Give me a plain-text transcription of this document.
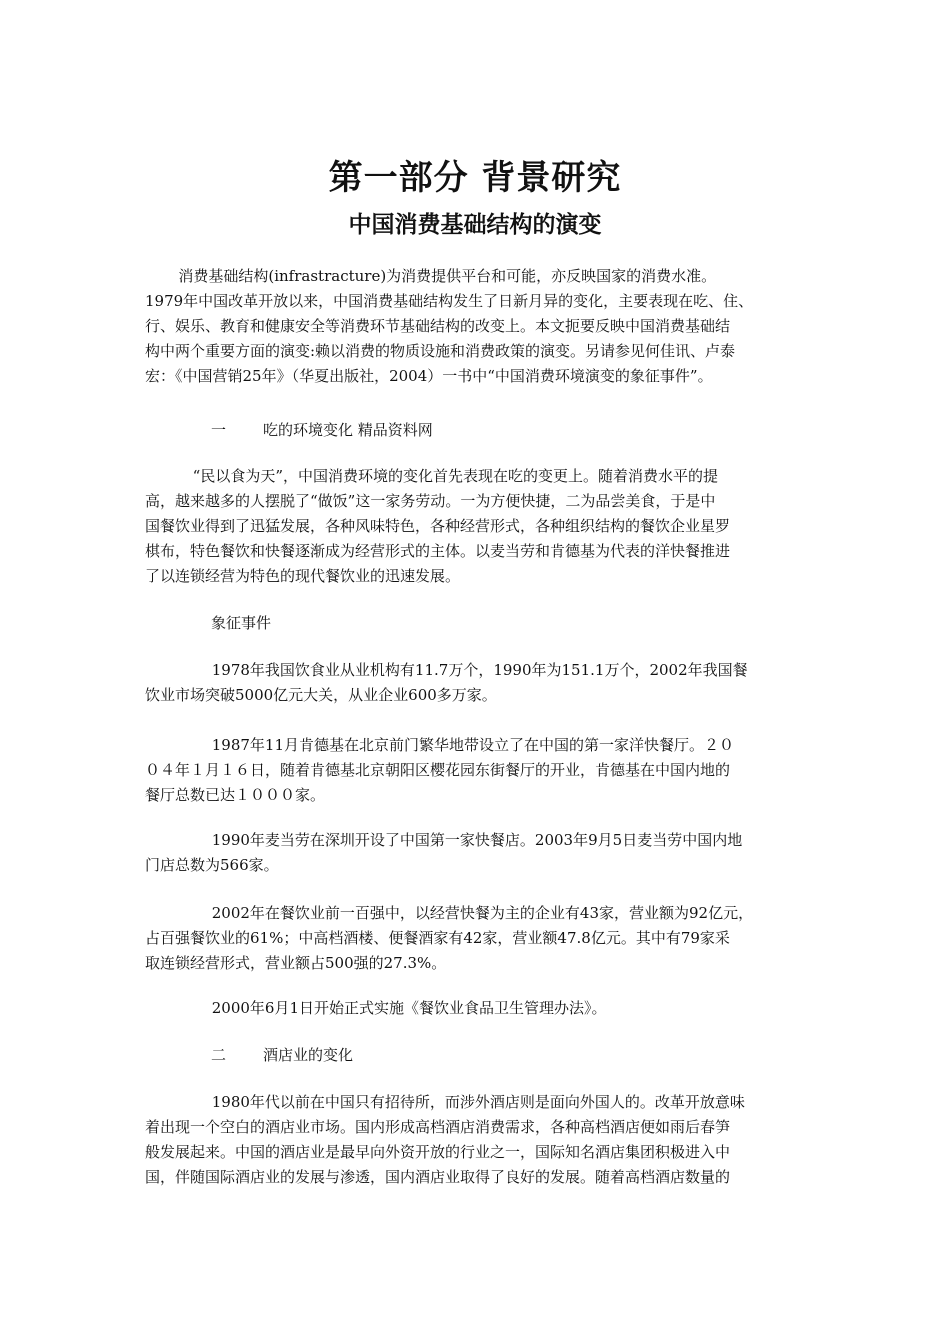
第一部分 背景研究
中国消费基础结构的演变

消费基础结构(infrastracture)为消费提供平台和可能，亦反映国家的消费水准。
1979年中国改革开放以来，中国消费基础结构发生了日新月异的变化，主要表现在吃、住、
行、娱乐、教育和健康安全等消费环节基础结构的改变上。本文扼要反映中国消费基础结
构中两个重要方面的演变:赖以消费的物质设施和消费政策的演变。另请参见何佳讯、卢泰
宏：《中国营销25年》（华夏出版社，2004）一书中“中国消费环境演变的象征事件”。

一 吃的环境变化 精品资料网

“民以食为天”，中国消费环境的变化首先表现在吃的变更上。随着消费水平的提
高，越来越多的人摆脱了“做饭”这一家务劳动。一为方便快捷，二为品尝美食，于是中
国餐饮业得到了迅猛发展，各种风味特色，各种经营形式，各种组织结构的餐饮企业星罗
棋布，特色餐饮和快餐逐渐成为经营形式的主体。以麦当劳和肯德基为代表的洋快餐推进
了以连锁经营为特色的现代餐饮业的迅速发展。

象征事件

1978年我国饮食业从业机构有11.7万个，1990年为151.1万个，2002年我国餐
饮业市场突破5000亿元大关，从业企业600多万家。

1987年11月肯德基在北京前门繁华地带设立了在中国的第一家洋快餐厅。２０
０４年１月１６日，随着肯德基北京朝阳区樱花园东街餐厅的开业，肯德基在中国内地的
餐厅总数已达１０００家。

1990年麦当劳在深圳开设了中国第一家快餐店。2003年9月5日麦当劳中国内地
门店总数为566家。

2002年在餐饮业前一百强中，以经营快餐为主的企业有43家，营业额为92亿元，
占百强餐饮业的61%；中高档酒楼、便餐酒家有42家，营业额47.8亿元。其中有79家采
取连锁经营形式，营业额占500强的27.3%。

2000年6月1日开始正式实施《餐饮业食品卫生管理办法》。

二 酒店业的变化

1980年代以前在中国只有招待所，而涉外酒店则是面向外国人的。改革开放意味
着出现一个空白的酒店业市场。国内形成高档酒店消费需求，各种高档酒店便如雨后春笋
般发展起来。中国的酒店业是最早向外资开放的行业之一，国际知名酒店集团积极进入中
国，伴随国际酒店业的发展与渗透，国内酒店业取得了良好的发展。随着高档酒店数量的
